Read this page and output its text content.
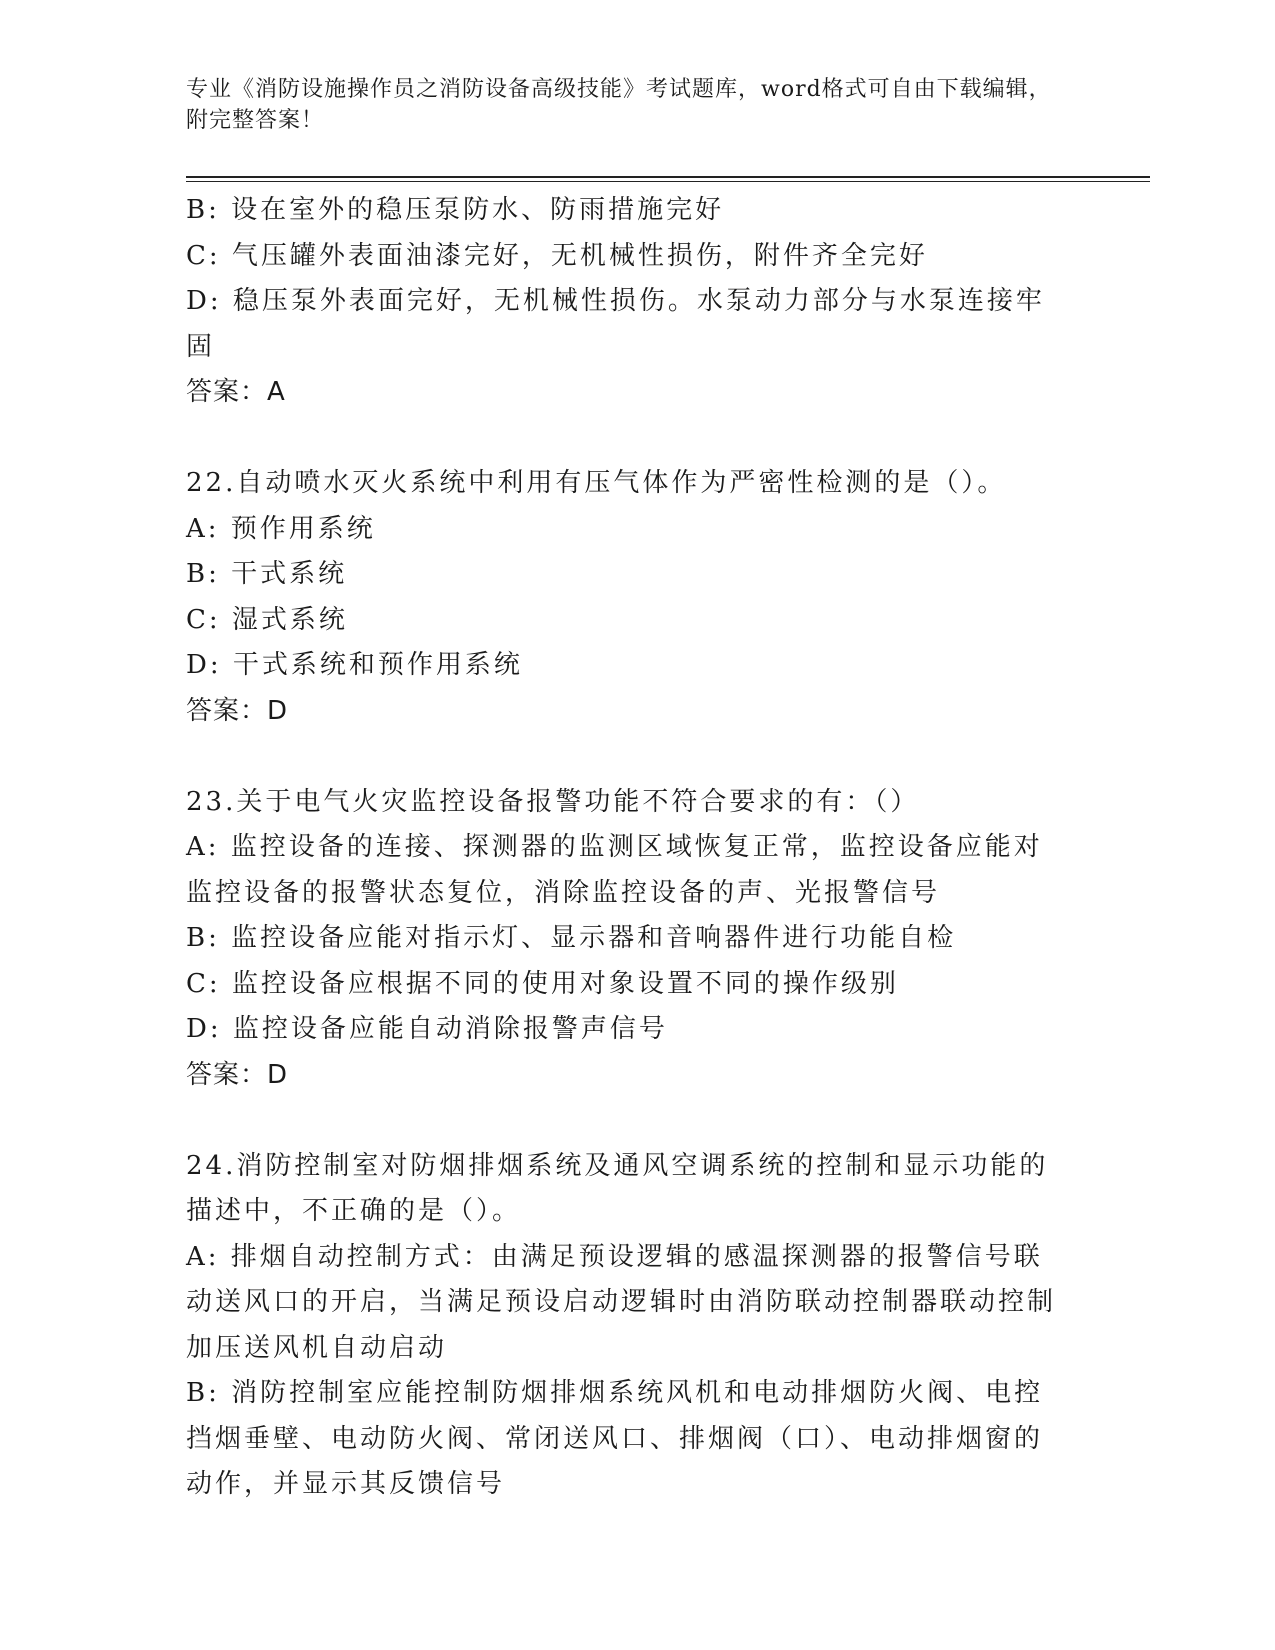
专业《消防设施操作员之消防设备高级技能》考试题库，word格式可自由下载编辑，附完整答案！

B: 设在室外的稳压泵防水、防雨措施完好

C: 气压罐外表面油漆完好，无机械性损伤，附件齐全完好

D: 稳压泵外表面完好，无机械性损伤。水泵动力部分与水泵连接牢固

答案：A

22.自动喷水灭火系统中利用有压气体作为严密性检测的是（）。

A: 预作用系统

B: 干式系统

C: 湿式系统

D: 干式系统和预作用系统

答案：D

23.关于电气火灾监控设备报警功能不符合要求的有：（）

A: 监控设备的连接、探测器的监测区域恢复正常，监控设备应能对监控设备的报警状态复位，消除监控设备的声、光报警信号

B: 监控设备应能对指示灯、显示器和音响器件进行功能自检

C: 监控设备应根据不同的使用对象设置不同的操作级别

D: 监控设备应能自动消除报警声信号

答案：D

24.消防控制室对防烟排烟系统及通风空调系统的控制和显示功能的描述中，不正确的是（）。

A: 排烟自动控制方式：由满足预设逻辑的感温探测器的报警信号联动送风口的开启，当满足预设启动逻辑时由消防联动控制器联动控制加压送风机自动启动

B: 消防控制室应能控制防烟排烟系统风机和电动排烟防火阀、电控挡烟垂壁、电动防火阀、常闭送风口、排烟阀（口）、电动排烟窗的动作，并显示其反馈信号
